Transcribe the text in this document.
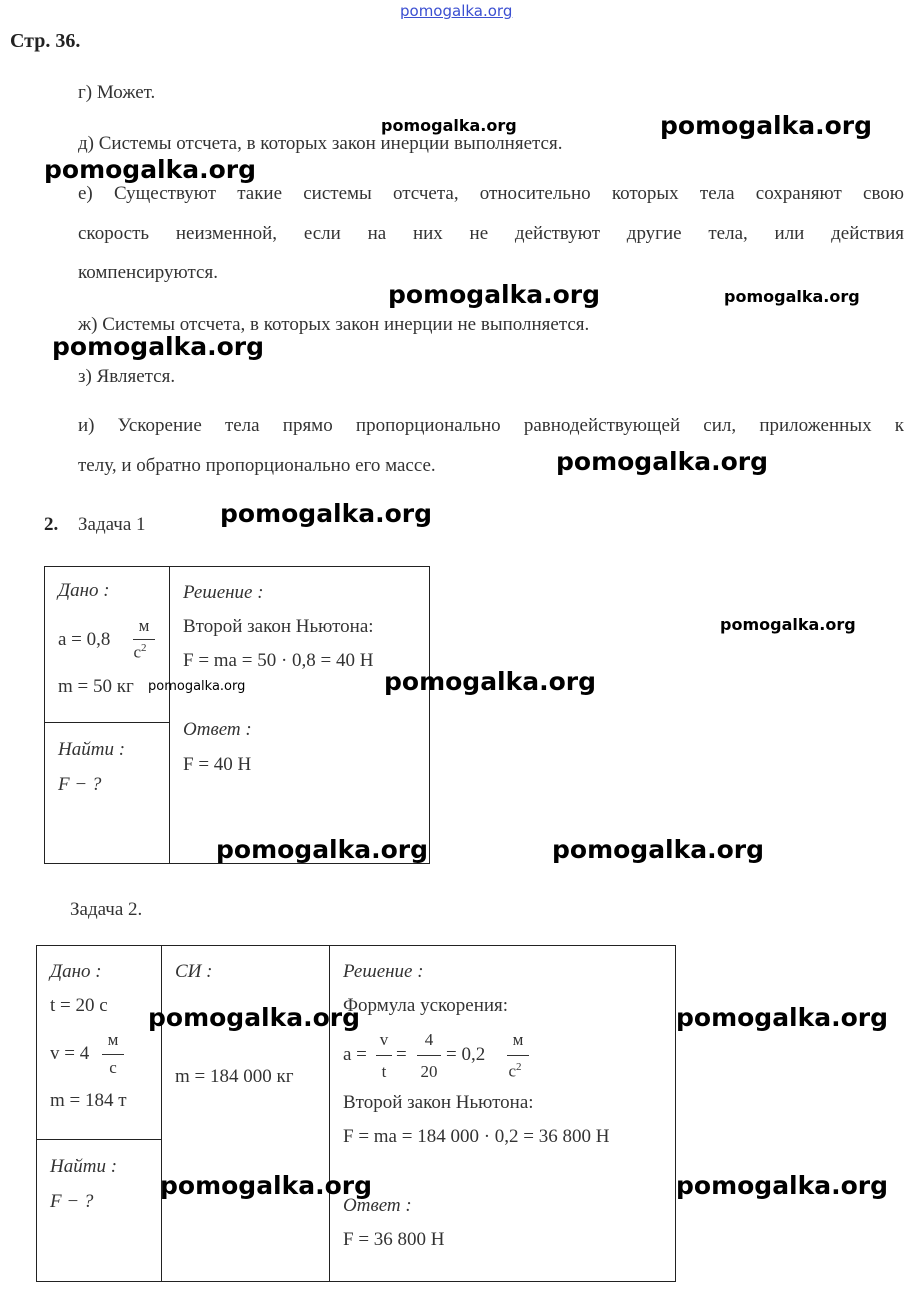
pomogalka.org
Стр. 36.
г) Может.
д) Системы отсчета, в которых закон инерции выполняется.
е) Существуют такие системы отсчета, относительно которых тела сохраняют свою
скорость неизменной, если на них не действуют другие тела, или действия
компенсируются.
ж) Системы отсчета, в которых закон инерции не выполняется.
з) Является.
и) Ускорение тела прямо пропорционально равнодействующей сил, приложенных к
телу, и обратно пропорционально его массе.
2. Задача 1
Дано :
a = 0,8
м
$с^2$
m = 50 кг
Найти :
F − ?
Решение :
Второй закон Ньютона:
F = ma = 50 · 0,8 = 40 Н
Ответ :
F = 40 Н
Задача 2.
Дано :
t = 20 с
v = 4
м
с
m = 184 т
Найти :
F − ?
СИ :
m = 184 000 кг
Решение :
Формула ускорения:
a =
v
t
=
4
20
= 0,2
м
$с^2$
Второй закон Ньютона:
F = ma = 184 000 · 0,2 = 36 800 Н
Ответ :
F = 36 800 Н
pomogalka.org	pomogalka.org
pomogalka.org
pomogalka.org	pomogalka.org
pomogalka.org
pomogalka.org
pomogalka.org
pomogalka.org
pomogalka.org	pomogalka.org
pomogalka.org	pomogalka.org
pomogalka.org	pomogalka.org
pomogalka.org	pomogalka.org
